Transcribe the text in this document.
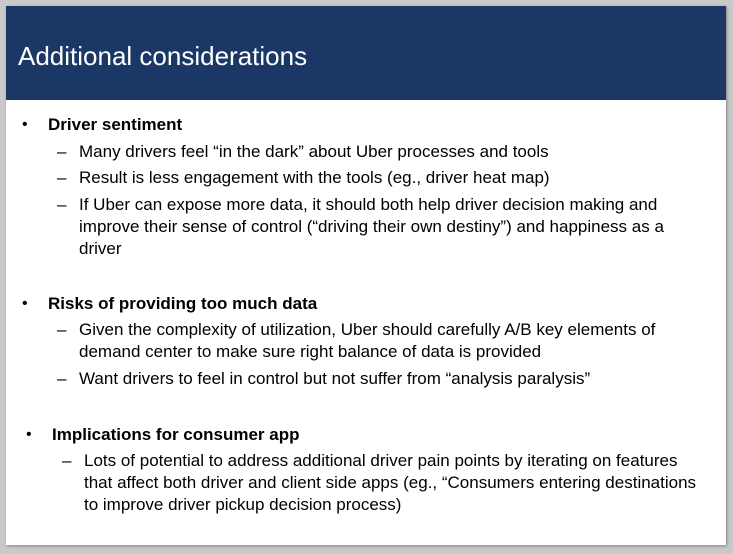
Additional considerations
• Driver sentiment
– Many drivers feel “in the dark” about Uber processes and tools
– Result is less engagement with the tools (eg., driver heat map)
– If Uber can expose more data, it should both help driver decision making and improve their sense of control (“driving their own destiny”) and happiness as a driver
• Risks of providing too much data
– Given the complexity of utilization, Uber should carefully A/B key elements of demand center to make sure right balance of data is provided
– Want drivers to feel in control but not suffer from “analysis paralysis”
• Implications for consumer app
– Lots of potential to address additional driver pain points by iterating on features that affect both driver and client side apps (eg., “Consumers entering destinations to improve driver pickup decision process)
